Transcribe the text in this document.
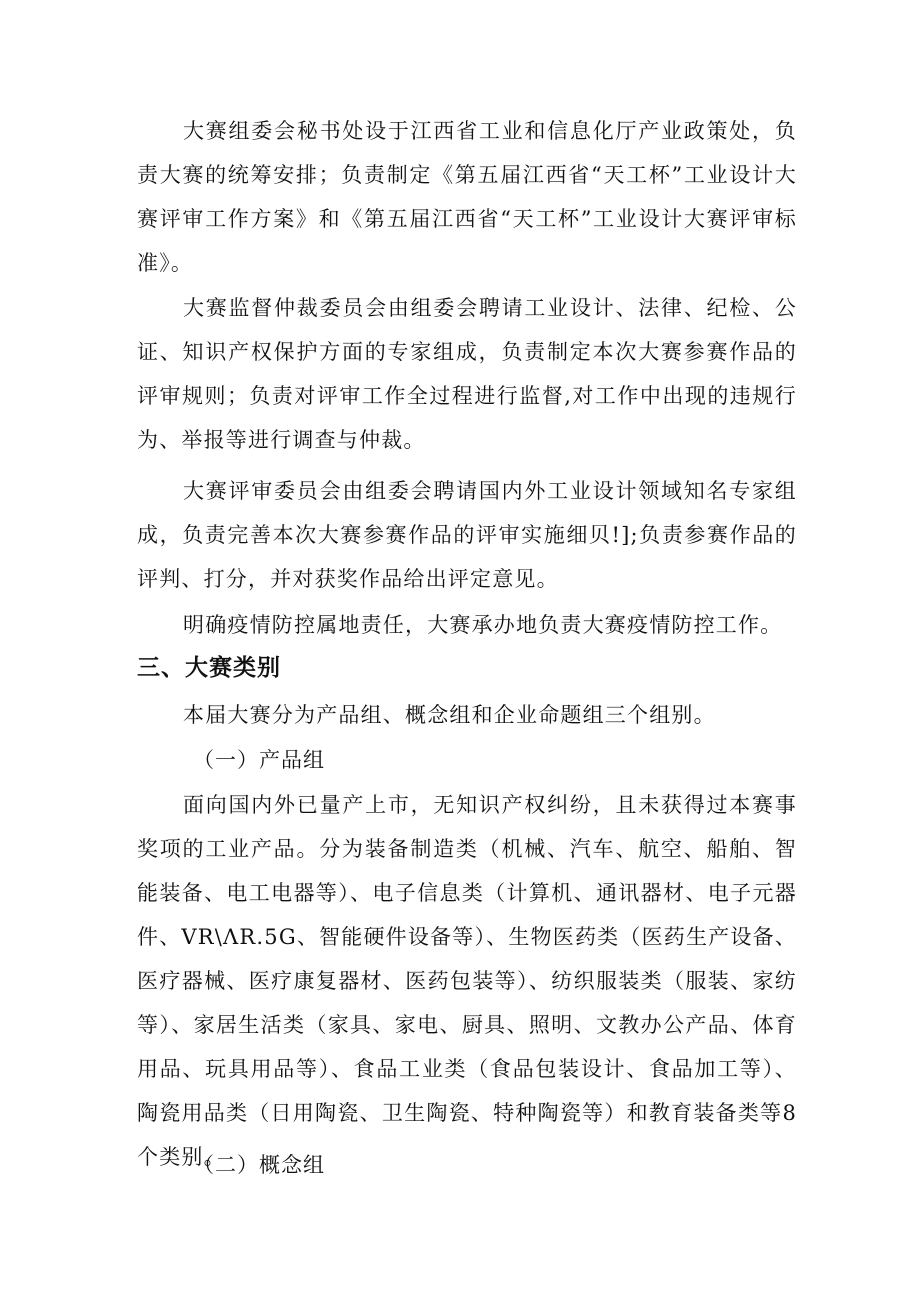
大赛组委会秘书处设于江西省工业和信息化厅产业政策处，负责大赛的统筹安排；负责制定《第五届江西省“天工杯”工业设计大赛评审工作方案》和《第五届江西省“天工杯”工业设计大赛评审标准》。

大赛监督仲裁委员会由组委会聘请工业设计、法律、纪检、公证、知识产权保护方面的专家组成，负责制定本次大赛参赛作品的评审规则；负责对评审工作全过程进行监督,对工作中出现的违规行为、举报等进行调查与仲裁。

大赛评审委员会由组委会聘请国内外工业设计领域知名专家组成，负责完善本次大赛参赛作品的评审实施细贝!];负责参赛作品的评判、打分，并对获奖作品给出评定意见。

明确疫情防控属地责任，大赛承办地负责大赛疫情防控工作。

三、大赛类别

本届大赛分为产品组、概念组和企业命题组三个组别。

（一）产品组

面向国内外已量产上市，无知识产权纠纷，且未获得过本赛事奖项的工业产品。分为装备制造类（机械、汽车、航空、船舶、智能装备、电工电器等）、电子信息类（计算机、通讯器材、电子元器件、VR\ΛR.5G、智能硬件设备等）、生物医药类（医药生产设备、医疗器械、医疗康复器材、医药包装等）、纺织服装类（服装、家纺等）、家居生活类（家具、家电、厨具、照明、文教办公产品、体育用品、玩具用品等）、食品工业类（食品包装设计、食品加工等）、陶瓷用品类（日用陶瓷、卫生陶瓷、特种陶瓷等）和教育装备类等8个类别。

（二）概念组
